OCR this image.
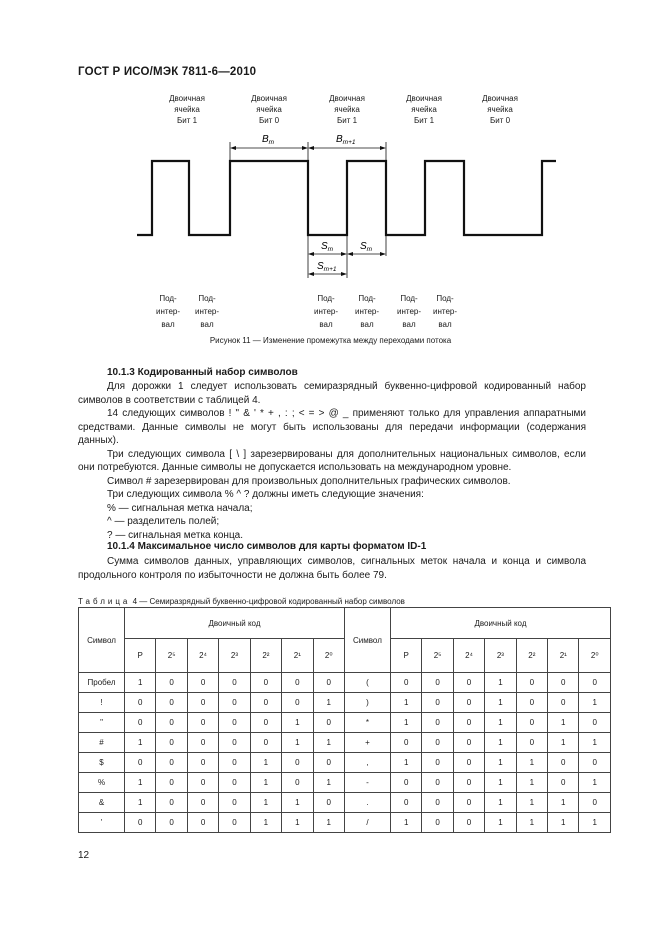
ГОСТ Р ИСО/МЭК 7811-6—2010
Двоичная
ячейка
Бит 1
Двоичная
ячейка
Бит 0
Двоичная
ячейка
Бит 1
Двоичная
ячейка
Бит 1
Двоичная
ячейка
Бит 0
$B_m$	$B_{m+1}$
$S_m$	$S_m$
$S_{m+1}$
Под-
интер-
вал
Под-
интер-
вал
Под-
интер-
вал
Под-
интер-
вал
Под-
интер-
вал
Под-
интер-
вал
Рисунок 11 — Изменение промежутка между переходами потока
10.1.3 Кодированный набор символов
Для дорожки 1 следует использовать семиразрядный буквенно-цифровой кодированный набор символов в соответствии с таблицей 4.
14 следующих символов ! " & ' * + , : ; < = > @ _ применяют только для управления аппаратными средствами. Данные символы не могут быть использованы для передачи информации (содержания данных).
Три следующих символа [ \ ] зарезервированы для дополнительных национальных символов, если они потребуются. Данные символы не допускается использовать на международном уровне.
Символ # зарезервирован для произвольных дополнительных графических символов.
Три следующих символа % ^ ? должны иметь следующие значения:
% — сигнальная метка начала;
^ — разделитель полей;
? — сигнальная метка конца.
10.1.4 Максимальное число символов для карты форматом ID-1
Сумма символов данных, управляющих символов, сигнальных меток начала и конца и символа продольного контроля по избыточности не должна быть более 79.
Таблица 4 — Семиразрядный буквенно-цифровой кодированный набор символов
Символ	Двоичный код							Символ	Двоичный код						
	P	2⁵	2⁴	2³	2²	2¹	2⁰		P	2⁵	2⁴	2³	2²	2¹	2⁰
Пробел	1	0	0	0	0	0	0	(	0	0	0	1	0	0	0
!	0	0	0	0	0	0	1	)	1	0	0	1	0	0	1
"	0	0	0	0	0	1	0	*	1	0	0	1	0	1	0
#	1	0	0	0	0	1	1	+	0	0	0	1	0	1	1
$	0	0	0	0	1	0	0	,	1	0	0	1	1	0	0
%	1	0	0	0	1	0	1	-	0	0	0	1	1	0	1
&	1	0	0	0	1	1	0	.	0	0	0	1	1	1	0
'	0	0	0	0	1	1	1	/	1	0	0	1	1	1	1
12
